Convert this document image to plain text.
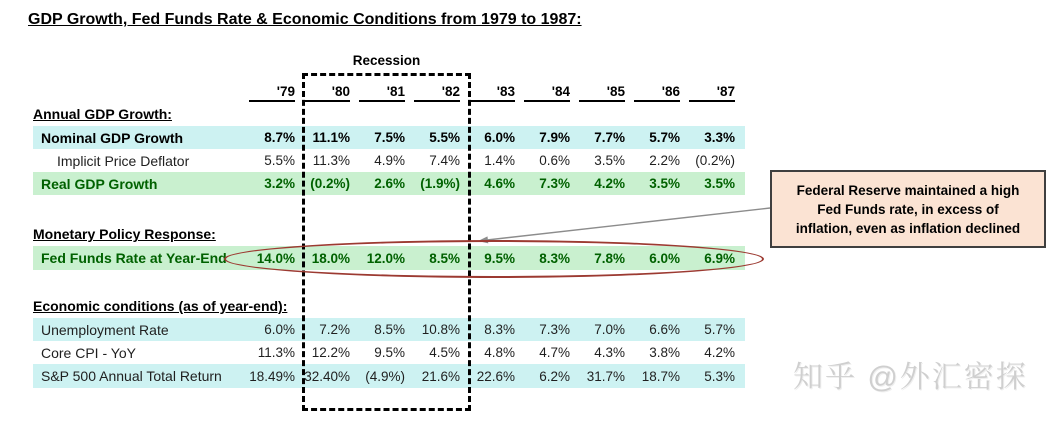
GDP Growth, Fed Funds Rate & Economic Conditions from 1979 to 1987:
'79	'80	'81	'82	'83	'84	'85	'86	'87
Annual GDP Growth:
Nominal GDP Growth	8.7%	11.1%	7.5%	5.5%	6.0%	7.9%	7.7%	5.7%	3.3%
Implicit Price Deflator	5.5%	11.3%	4.9%	7.4%	1.4%	0.6%	3.5%	2.2%	(0.2%)
Real GDP Growth	3.2%	(0.2%)	2.6%	(1.9%)	4.6%	7.3%	4.2%	3.5%	3.5%
Monetary Policy Response:
Fed Funds Rate at Year-End	14.0%	18.0%	12.0%	8.5%	9.5%	8.3%	7.8%	6.0%	6.9%
Economic conditions (as of year-end):
Unemployment Rate	6.0%	7.2%	8.5%	10.8%	8.3%	7.3%	7.0%	6.6%	5.7%
Core CPI - YoY	11.3%	12.2%	9.5%	4.5%	4.8%	4.7%	4.3%	3.8%	4.2%
S&P 500 Annual Total Return	18.49% 32.40%	(4.9%)	21.6%	22.6%	6.2%	31.7%	18.7%	5.3%
Recession
Federal Reserve maintained a high
Fed Funds rate, in excess of
inflation, even as inflation declined
知乎 @外汇密探
